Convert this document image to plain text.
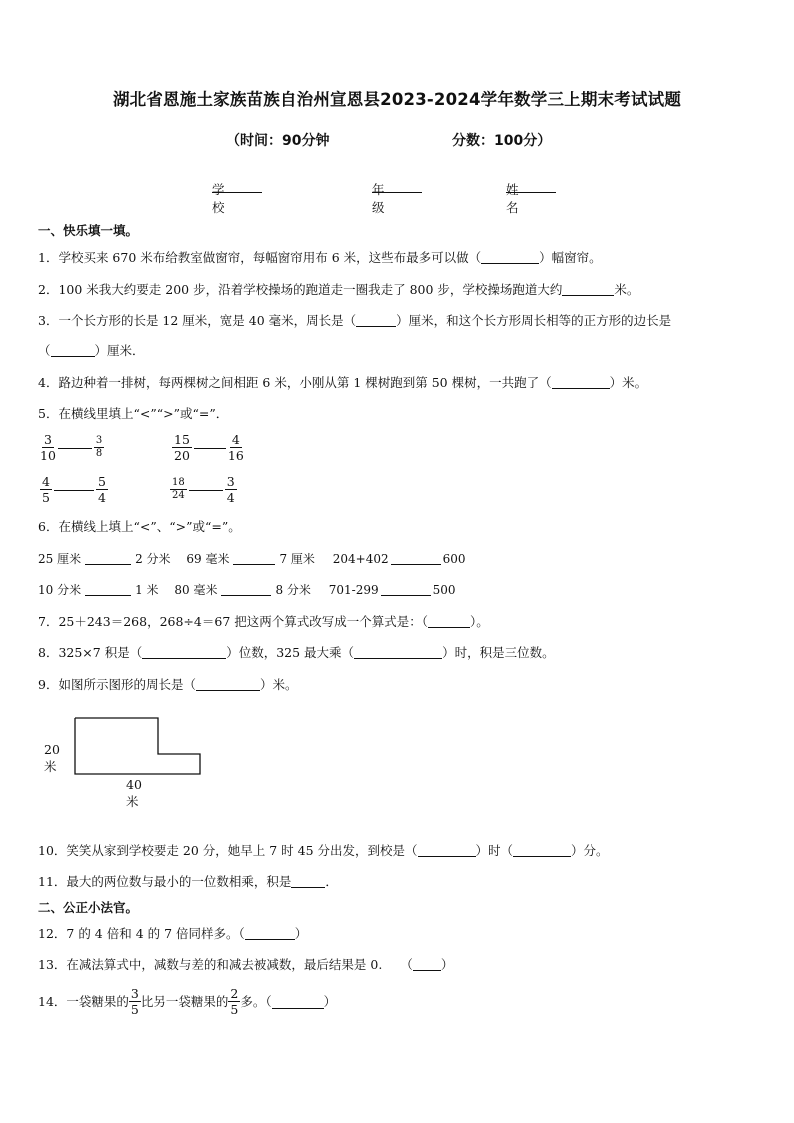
湖北省恩施土家族苗族自治州宣恩县2023-2024学年数学三上期末考试试题
（时间：90分钟	分数：100分）
学校
年级
姓名
一、快乐填一填。
1．学校买来 670 米布给教室做窗帘，每幅窗帘用布 6 米，这些布最多可以做（	）幅窗帘。
2．100 米我大约要走 200 步，沿着学校操场的跑道走一圈我走了 800 步，学校操场跑道大约	米。
3．一个长方形的长是 12 厘米，宽是 40 毫米，周长是（	）厘米，和这个长方形周长相等的正方形的边长是
（	）厘米．
4．路边种着一排树，每两棵树之间相距 6 米，小刚从第 1 棵树跑到第 50 棵树，一共跑了（	）米。
5．在横线里填上“<”“>”或“=”．
$\frac{3}{10}$	$\frac{3}{8}$	$\frac{15}{20}$	$\frac{4}{16}$
$\frac{4}{5}$	$\frac{5}{4}$	$\frac{18}{24}$	$\frac{3}{4}$
6．在横线上填上“<”、“>”或“=”。
25 厘米	2 分米 69 毫米	7 厘米 204+402	600
10 分米	1 米 80 毫米	8 分米 701-299	500
7．25＋243＝268，268÷4＝67 把这两个算式改写成一个算式是：（	）。
8．325×7 积是（	）位数，325 最大乘（	）时，积是三位数。
9．如图所示图形的周长是（	）米。
20米
40米
10．笑笑从家到学校要走 20 分，她早上 7 时 45 分出发，到校是（	）时（	）分。
11．最大的两位数与最小的一位数相乘，积是	．
二、公正小法官。
12．7 的 4 倍和 4 的 7 倍同样多。（	）
13．在减法算式中，减数与差的和减去被减数，最后结果是 0. （ ）
14．一袋糖果的 $\frac{3}{5}$ 比另一袋糖果的 $\frac{2}{5}$ 多。（	）
